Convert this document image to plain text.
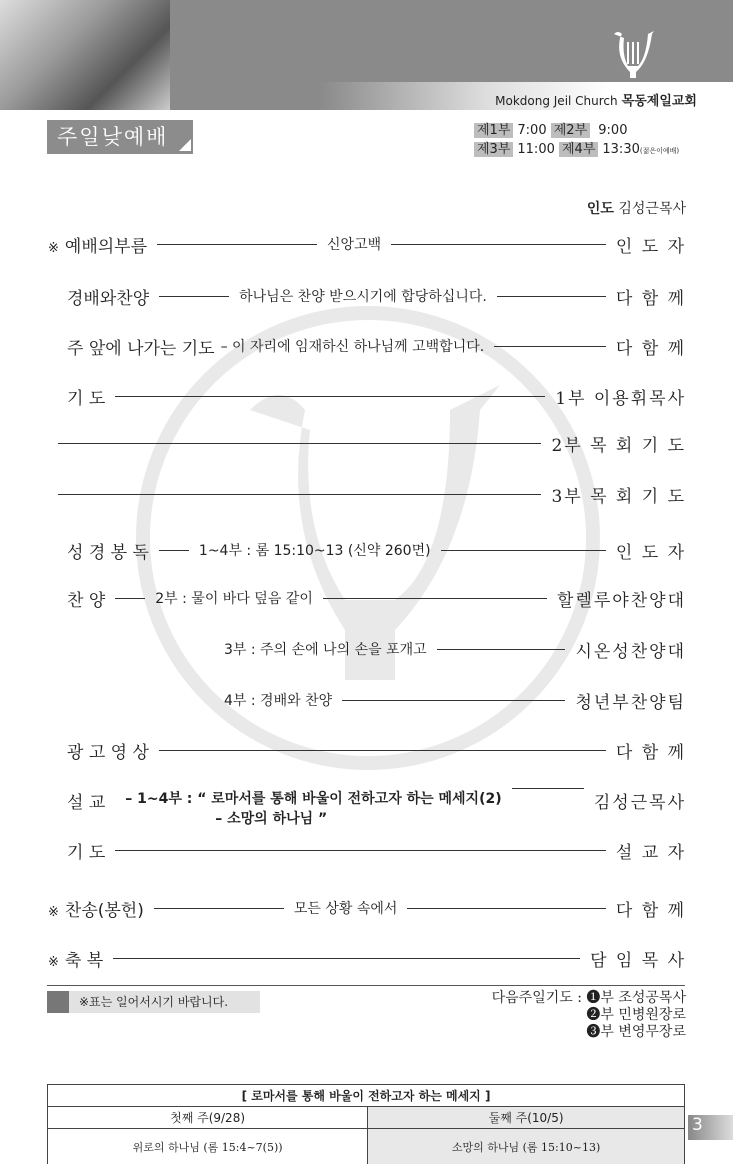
Mokdong Jeil Church 목동제일교회
주일낮예배	제1부 7:00 제2부 9:00
제3부 11:00 제4부 13:30(젊은이예배)
인도 김성근목사
※ 예배의부름	신앙고백	인 도 자
경배와찬양	하나님은 찬양 받으시기에 합당하십니다.	다 함 께
주 앞에 나가는 기도 – 이 자리에 임재하신 하나님께 고백합니다.	다 함 께
기 도	1부 이용휘목사
2부 목 회 기 도
3부 목 회 기 도
성 경 봉 독	1~4부 : 롬 15:10~13 (신약 260면)	인 도 자
찬 양	2부 : 물이 바다 덮음 같이	할렐루야찬양대
3부 : 주의 손에 나의 손을 포개고	시온성찬양대
4부 : 경배와 찬양	청년부찬양팀
광 고 영 상	다 함 께
설 교 – 1~4부 : “ 로마서를 통해 바울이 전하고자 하는 메세지(2)
– 소망의 하나님 ”
김성근목사
기 도	설 교 자
※ 찬송(봉헌)	모든 상황 속에서	다 함 께
※ 축 복	담 임 목 사
※표는 일어서시기 바랍니다.	다음주일기도 : ❶부 조성공목사
❷부 민병원장로
❸부 변영무장로
[ 로마서를 통해 바울이 전하고자 하는 메세지 ]	
첫째 주(9/28)	둘째 주(10/5)
위로의 하나님 (롬 15:4~7(5))	소망의 하나님 (롬 15:10~13)
3
